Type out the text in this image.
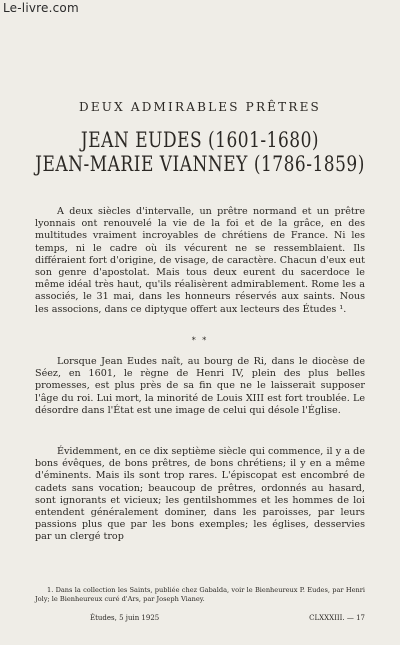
Le-livre.com
DEUX ADMIRABLES PRÊTRES
JEAN EUDES (1601-1680)
JEAN-MARIE VIANNEY (1786-1859)

A deux siècles d'intervalle, un prêtre normand et un prêtre lyonnais ont renouvelé la vie de la foi et de la grâce, en des multitudes vraiment incroyables de chrétiens de France. Ni les temps, ni le cadre où ils vécurent ne se ressemblaient. Ils différaient fort d'origine, de visage, de caractère. Chacun d'eux eut son genre d'apostolat. Mais tous deux eurent du sacerdoce le même idéal très haut, qu'ils réalisèrent admirablement. Rome les a associés, le 31 mai, dans les honneurs réservés aux saints. Nous les associons, dans ce diptyque offert aux lecteurs des Études ¹.

* *

Lorsque Jean Eudes naît, au bourg de Ri, dans le diocèse de Séez, en 1601, le règne de Henri IV, plein des plus belles promesses, est plus près de sa fin que ne le laisserait supposer l'âge du roi. Lui mort, la minorité de Louis XIII est fort troublée. Le désordre dans l'État est une image de celui qui désole l'Église.

Évidemment, en ce dix septième siècle qui commence, il y a de bons évêques, de bons prêtres, de bons chrétiens; il y en a même d'éminents. Mais ils sont trop rares. L'épiscopat est encombré de cadets sans vocation; beaucoup de prêtres, ordonnés au hasard, sont ignorants et vicieux; les gentilshommes et les hommes de loi entendent généralement dominer, dans les paroisses, par leurs passions plus que par les bons exemples; les églises, desservies par un clergé trop

1. Dans la collection les Saints, publiée chez Gabalda, voir le Bienheureux P. Eudes, par Henri Joly; le Bienheureux curé d'Ars, par Joseph Vianey.

Études, 5 juin 1925	CLXXXIII. — 17
